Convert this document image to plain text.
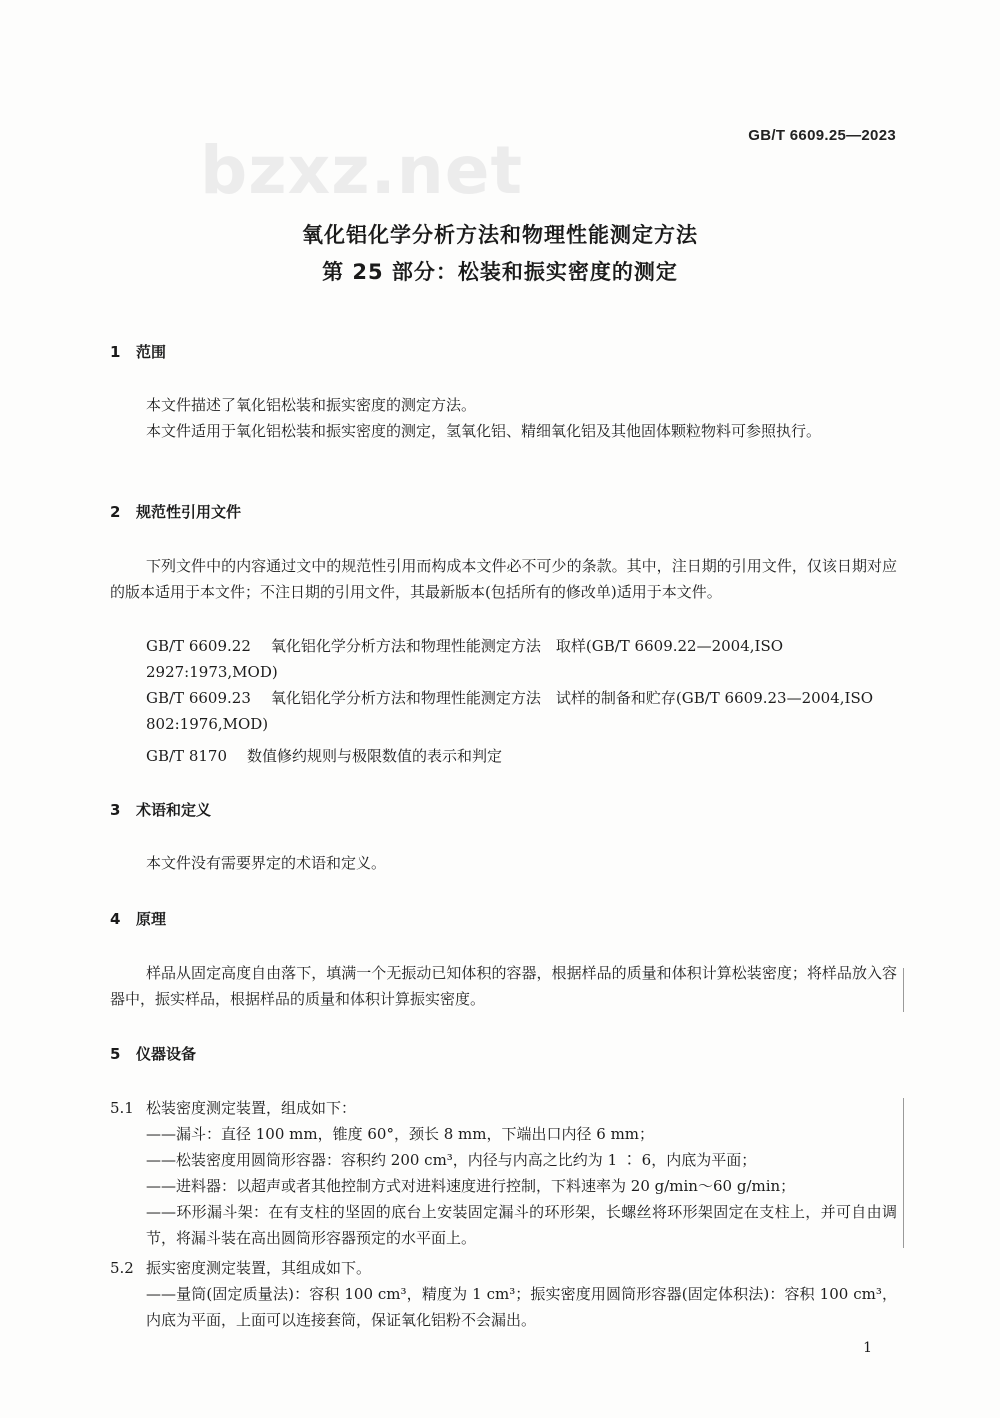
bzxz.net	GB/T 6609.25—2023
氧化铝化学分析方法和物理性能测定方法
第 25 部分：松装和振实密度的测定
1 范围
本文件描述了氧化铝松装和振实密度的测定方法。
本文件适用于氧化铝松装和振实密度的测定，氢氧化铝、精细氧化铝及其他固体颗粒物料可参照执行。
2 规范性引用文件
下列文件中的内容通过文中的规范性引用而构成本文件必不可少的条款。其中，注日期的引用文件，仅该日期对应的版本适用于本文件；不注日期的引用文件，其最新版本(包括所有的修改单)适用于本文件。
GB/T 6609.22 氧化铝化学分析方法和物理性能测定方法　取样(GB/T 6609.22—2004,ISO 2927:1973,MOD)
GB/T 6609.23 氧化铝化学分析方法和物理性能测定方法　试样的制备和贮存(GB/T 6609.23—2004,ISO 802:1976,MOD)
GB/T 8170 数值修约规则与极限数值的表示和判定
3 术语和定义
本文件没有需要界定的术语和定义。
4 原理
样品从固定高度自由落下，填满一个无振动已知体积的容器，根据样品的质量和体积计算松装密度；将样品放入容器中，振实样品，根据样品的质量和体积计算振实密度。
5 仪器设备
5.1 松装密度测定装置，组成如下：
——漏斗：直径 100 mm，锥度 60°，颈长 8 mm，下端出口内径 6 mm；
——松装密度用圆筒形容器：容积约 200 cm³，内径与内高之比约为 1 ∶ 6，内底为平面；
——进料器：以超声或者其他控制方式对进料速度进行控制，下料速率为 20 g/min～60 g/min；
——环形漏斗架：在有支柱的坚固的底台上安装固定漏斗的环形架，长螺丝将环形架固定在支柱上，并可自由调节，将漏斗装在高出圆筒形容器预定的水平面上。
5.2 振实密度测定装置，其组成如下。
——量筒(固定质量法)：容积 100 cm³，精度为 1 cm³；振实密度用圆筒形容器(固定体积法)：容积 100 cm³，内底为平面，上面可以连接套筒，保证氧化铝粉不会漏出。
1
